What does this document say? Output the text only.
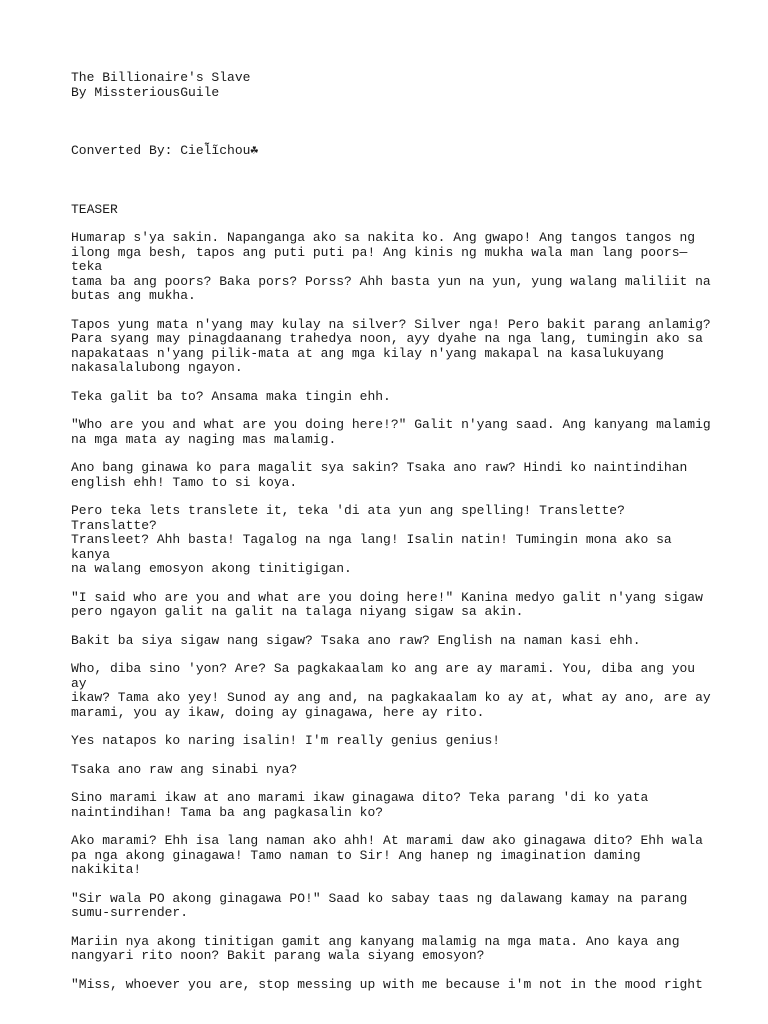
The Billionaire's Slave

By MissteriousGuile

Converted By: Ciel̃ĩchou☘

TEASER

Humarap s'ya sakin. Napanganga ako sa nakita ko. Ang gwapo! Ang tangos tangos ng
ilong mga besh, tapos ang puti puti pa! Ang kinis ng mukha wala man lang poors—teka
tama ba ang poors? Baka pors? Porss? Ahh basta yun na yun, yung walang maliliit na
butas ang mukha.

Tapos yung mata n'yang may kulay na silver? Silver nga! Pero bakit parang anlamig?
Para syang may pinagdaanang trahedya noon, ayy dyahe na nga lang, tumingin ako sa
napakataas n'yang pilik-mata at ang mga kilay n'yang makapal na kasalukuyang
nakasalalubong ngayon.

Teka galit ba to? Ansama maka tingin ehh.

"Who are you and what are you doing here!?" Galit n'yang saad. Ang kanyang malamig
na mga mata ay naging mas malamig.

Ano bang ginawa ko para magalit sya sakin? Tsaka ano raw? Hindi ko naintindihan
english ehh! Tamo to si koya.

Pero teka lets translete it, teka 'di ata yun ang spelling! Translette? Translatte?
Transleet? Ahh basta! Tagalog na nga lang! Isalin natin! Tumingin mona ako sa kanya
na walang emosyon akong tinitigigan.

"I said who are you and what are you doing here!" Kanina medyo galit n'yang sigaw
pero ngayon galit na galit na talaga niyang sigaw sa akin.

Bakit ba siya sigaw nang sigaw? Tsaka ano raw? English na naman kasi ehh.

Who, diba sino 'yon? Are? Sa pagkakaalam ko ang are ay marami. You, diba ang you ay
ikaw? Tama ako yey! Sunod ay ang and, na pagkakaalam ko ay at, what ay ano, are ay
marami, you ay ikaw, doing ay ginagawa, here ay rito.

Yes natapos ko naring isalin! I'm really genius genius!

Tsaka ano raw ang sinabi nya?

Sino marami ikaw at ano marami ikaw ginagawa dito? Teka parang 'di ko yata
naintindihan! Tama ba ang pagkasalin ko?

Ako marami? Ehh isa lang naman ako ahh! At marami daw ako ginagawa dito? Ehh wala
pa nga akong ginagawa! Tamo naman to Sir! Ang hanep ng imagination daming nakikita!

"Sir wala PO akong ginagawa PO!" Saad ko sabay taas ng dalawang kamay na parang
sumu-surrender.

Mariin nya akong tinitigan gamit ang kanyang malamig na mga mata. Ano kaya ang
nangyari rito noon? Bakit parang wala siyang emosyon?

"Miss, whoever you are, stop messing up with me because i'm not in the mood right
